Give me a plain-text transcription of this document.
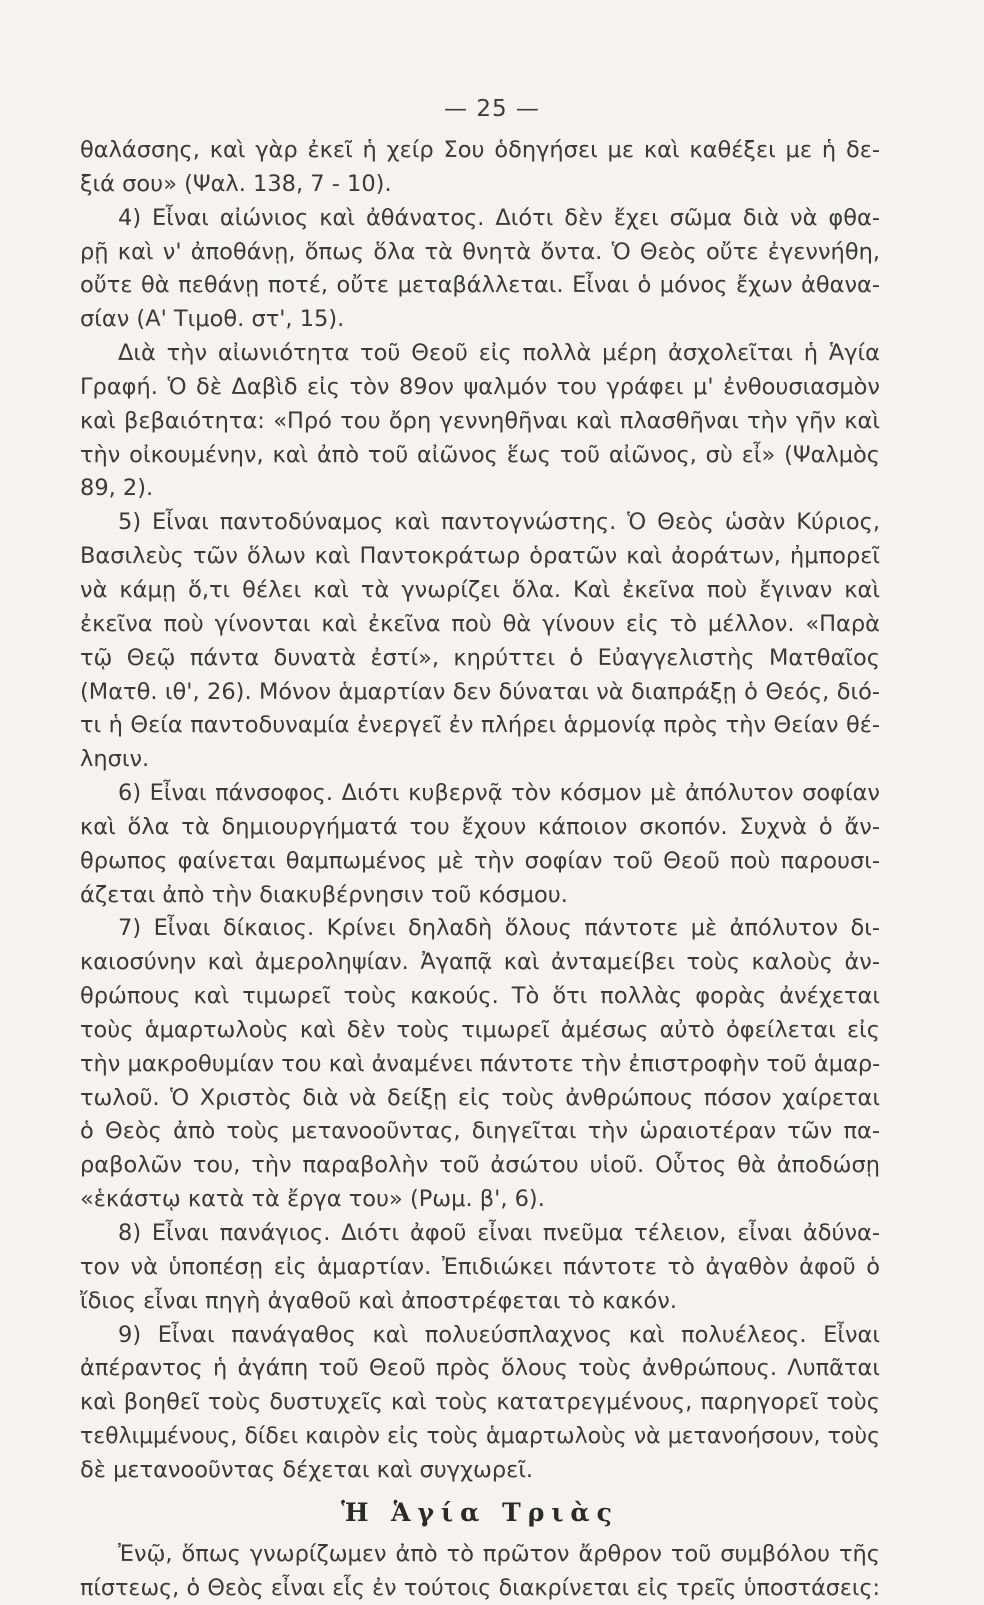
— 25 —
θαλάσσης, καὶ γὰρ ἐκεῖ ἡ χείρ Σου ὁδηγήσει με καὶ καθέξει με ἡ δε-
ξιά σου» (Ψαλ. 138, 7 - 10).
4) Εἶναι αἰώνιος καὶ ἀθάνατος. Διότι δὲν ἔχει σῶμα διὰ νὰ φθα-
ρῇ καὶ ν' ἀποθάνῃ, ὅπως ὅλα τὰ θνητὰ ὄντα. Ὁ Θεὸς οὔτε ἐγεννήθη,
οὔτε θὰ πεθάνῃ ποτέ, οὔτε μεταβάλλεται. Εἶναι ὁ μόνος ἔχων ἀθανα-
σίαν (Α' Τιμοθ. στ', 15).
Διὰ τὴν αἰωνιότητα τοῦ Θεοῦ εἰς πολλὰ μέρη ἀσχολεῖται ἡ Ἁγία
Γραφή. Ὁ δὲ Δαβὶδ εἰς τὸν 89ον ψαλμόν του γράφει μ' ἐνθουσιασμὸν
καὶ βεβαιότητα: «Πρό του ὄρη γεννηθῆναι καὶ πλασθῆναι τὴν γῆν καὶ
τὴν οἰκουμένην, καὶ ἀπὸ τοῦ αἰῶνος ἕως τοῦ αἰῶνος, σὺ εἶ» (Ψαλμὸς
89, 2).
5) Εἶναι παντοδύναμος καὶ παντογνώστης. Ὁ Θεὸς ὡσὰν Κύριος,
Βασιλεὺς τῶν ὅλων καὶ Παντοκράτωρ ὁρατῶν καὶ ἀοράτων, ἠμπορεῖ
νὰ κάμῃ ὅ,τι θέλει καὶ τὰ γνωρίζει ὅλα. Καὶ ἐκεῖνα ποὺ ἔγιναν καὶ
ἐκεῖνα ποὺ γίνονται καὶ ἐκεῖνα ποὺ θὰ γίνουν εἰς τὸ μέλλον. «Παρὰ
τῷ Θεῷ πάντα δυνατὰ ἐστί», κηρύττει ὁ Εὐαγγελιστὴς Ματθαῖος
(Ματθ. ιθ', 26). Μόνον ἁμαρτίαν δεν δύναται νὰ διαπράξῃ ὁ Θεός, διό-
τι ἡ Θεία παντοδυναμία ἐνεργεῖ ἐν πλήρει ἁρμονίᾳ πρὸς τὴν Θείαν θέ-
λησιν.
6) Εἶναι πάνσοφος. Διότι κυβερνᾷ τὸν κόσμον μὲ ἀπόλυτον σοφίαν
καὶ ὅλα τὰ δημιουργήματά του ἔχουν κάποιον σκοπόν. Συχνὰ ὁ ἄν-
θρωπος φαίνεται θαμπωμένος μὲ τὴν σοφίαν τοῦ Θεοῦ ποὺ παρουσι-
άζεται ἀπὸ τὴν διακυβέρνησιν τοῦ κόσμου.
7) Εἶναι δίκαιος. Κρίνει δηλαδὴ ὅλους πάντοτε μὲ ἀπόλυτον δι-
καιοσύνην καὶ ἀμεροληψίαν. Ἀγαπᾷ καὶ ἀνταμείβει τοὺς καλοὺς ἀν-
θρώπους καὶ τιμωρεῖ τοὺς κακούς. Τὸ ὅτι πολλὰς φορὰς ἀνέχεται
τοὺς ἁμαρτωλοὺς καὶ δὲν τοὺς τιμωρεῖ ἀμέσως αὐτὸ ὀφείλεται εἰς
τὴν μακροθυμίαν του καὶ ἀναμένει πάντοτε τὴν ἐπιστροφὴν τοῦ ἁμαρ-
τωλοῦ. Ὁ Χριστὸς διὰ νὰ δείξῃ εἰς τοὺς ἀνθρώπους πόσον χαίρεται
ὁ Θεὸς ἀπὸ τοὺς μετανοοῦντας, διηγεῖται τὴν ὡραιοτέραν τῶν πα-
ραβολῶν του, τὴν παραβολὴν τοῦ ἀσώτου υἱοῦ. Οὗτος θὰ ἀποδώσῃ
«ἑκάστῳ κατὰ τὰ ἔργα του» (Ρωμ. β', 6).
8) Εἶναι πανάγιος. Διότι ἀφοῦ εἶναι πνεῦμα τέλειον, εἶναι ἀδύνα-
τον νὰ ὑποπέσῃ εἰς ἁμαρτίαν. Ἐπιδιώκει πάντοτε τὸ ἀγαθὸν ἀφοῦ ὁ
ἴδιος εἶναι πηγὴ ἀγαθοῦ καὶ ἀποστρέφεται τὸ κακόν.
9) Εἶναι πανάγαθος καὶ πολυεύσπλαχνος καὶ πολυέλεος. Εἶναι
ἀπέραντος ἡ ἀγάπη τοῦ Θεοῦ πρὸς ὅλους τοὺς ἀνθρώπους. Λυπᾶται
καὶ βοηθεῖ τοὺς δυστυχεῖς καὶ τοὺς κατατρεγμένους, παρηγορεῖ τοὺς
τεθλιμμένους, δίδει καιρὸν εἰς τοὺς ἁμαρτωλοὺς νὰ μετανοήσουν, τοὺς
δὲ μετανοοῦντας δέχεται καὶ συγχωρεῖ.
Ἡ Ἁγία Τριὰς
Ἐνῷ, ὅπως γνωρίζωμεν ἀπὸ τὸ πρῶτον ἄρθρον τοῦ συμβόλου τῆς
πίστεως, ὁ Θεὸς εἶναι εἷς ἐν τούτοις διακρίνεται εἰς τρεῖς ὑποστάσεις:
